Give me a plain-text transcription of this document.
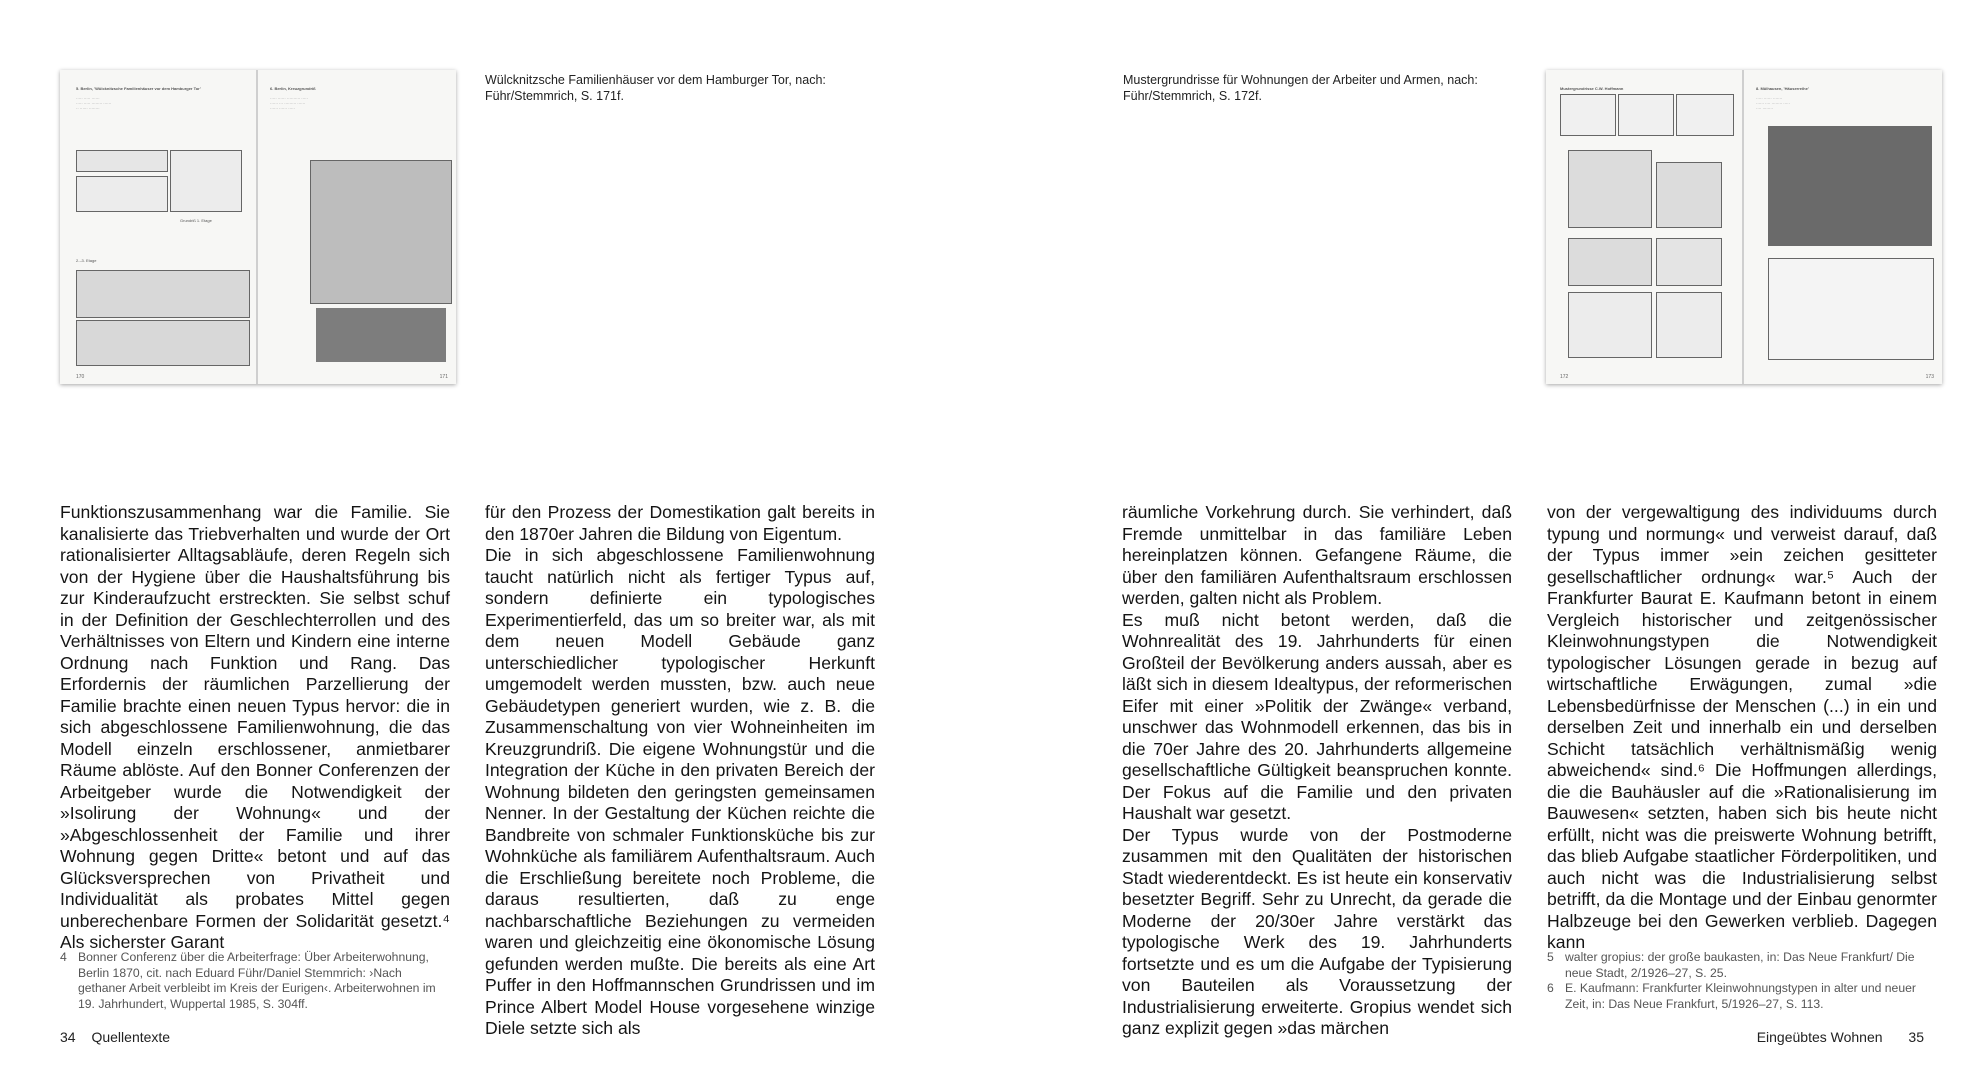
5. Berlin, ’Wülcknitzsche Familienhäuser vor dem Hamburger Tor’
····· ····· ······
····· ····· ········ ······
·· ······ ········
Grundriß 1. Etage
2.–3. Etage
170
6. Berlin, Kreuzgrundriß
····· ······ ·········· ·····
······ ··· ········· ······
······ ······ ·····
171
Wülcknitzsche Familienhäuser vor dem Hamburger Tor, nach:
Führ/Stemmrich, S. 171f.

Funktionszusammenhang war die Familie. Sie kanalisierte das Triebverhalten und wurde der Ort rationalisierter Alltagsabläufe, deren Regeln sich von der Hygiene über die Haushaltsführung bis zur Kinderaufzucht erstreckten. Sie selbst schuf in der Definition der Geschlechterrollen und des Verhältnisses von Eltern und Kindern eine interne Ordnung nach Funktion und Rang. Das Erfordernis der räumlichen Parzellierung der Familie brachte einen neuen Typus hervor: die in sich abgeschlossene Familienwohnung, die das Modell einzeln erschlossener, anmietbarer Räume ablöste. Auf den Bonner Conferenzen der Arbeitgeber wurde die Notwendigkeit der »Isolirung der Wohnung« und der »Abgeschlossenheit der Familie und ihrer Wohnung gegen Dritte« betont und auf das Glücksversprechen von Privatheit und Individualität als probates Mittel gegen unberechenbare Formen der Solidarität gesetzt.⁴ Als sicherster Garant

für den Prozess der Domestikation galt bereits in den 1870er Jahren die Bildung von Eigentum.

Die in sich abgeschlossene Familienwohnung taucht natürlich nicht als fertiger Typus auf, sondern definierte ein typologisches Experimentierfeld, das um so breiter war, als mit dem neuen Modell Gebäude ganz unterschiedlicher typologischer Herkunft umgemodelt werden mussten, bzw. auch neue Gebäudetypen generiert wurden, wie z. B. die Zusammenschaltung von vier Wohneinheiten im Kreuzgrundriß. Die eigene Wohnungstür und die Integration der Küche in den privaten Bereich der Wohnung bildeten den geringsten gemeinsamen Nenner. In der Gestaltung der Küchen reichte die Bandbreite von schmaler Funktionsküche bis zur Wohnküche als familiärem Aufenthaltsraum. Auch die Erschließung bereitete noch Probleme, die daraus resultierten, daß zu enge nachbarschaftliche Beziehungen zu vermeiden waren und gleichzeitig eine ökonomische Lösung gefunden werden mußte. Die bereits als eine Art Puffer in den Hoffmannschen Grundrissen und im Prince Albert Model House vorgesehene winzige Diele setzte sich als

4 Bonner Conferenz über die Arbeiterfrage: Über Arbeiterwohnung, Berlin 1870, cit. nach Eduard Führ/Daniel Stemmrich: ›Nach gethaner Arbeit verbleibt im Kreis der Eurigen‹. Arbeiterwohnen im 19. Jahrhundert, Wuppertal 1985, S. 304ff.
34 Quellentexte
Mustergrundrisse für Wohnungen der Arbeiter und Armen, nach:
Führ/Stemmrich, S. 172f.
Mustergrundrisse C.W. Hoffmann
172
8. Mülhausen, ’Häuserreihe’
····· ······ ·······
······ ···· ········ ·····
···· ········
173

räumliche Vorkehrung durch. Sie verhindert, daß Fremde unmittelbar in das familiäre Leben hereinplatzen können. Gefangene Räume, die über den familiären Aufenthaltsraum erschlossen werden, galten nicht als Problem.

Es muß nicht betont werden, daß die Wohnrealität des 19. Jahrhunderts für einen Großteil der Bevölkerung anders aussah, aber es läßt sich in diesem Idealtypus, der reformerischen Eifer mit einer »Politik der Zwänge« verband, unschwer das Wohnmodell erkennen, das bis in die 70er Jahre des 20. Jahrhunderts allgemeine gesellschaftliche Gültigkeit beanspruchen konnte. Der Fokus auf die Familie und den privaten Haushalt war gesetzt.

Der Typus wurde von der Postmoderne zusammen mit den Qualitäten der historischen Stadt wiederentdeckt. Es ist heute ein konservativ besetzter Begriff. Sehr zu Unrecht, da gerade die Moderne der 20/30er Jahre verstärkt das typologische Werk des 19. Jahrhunderts fortsetzte und es um die Aufgabe der Typisierung von Bauteilen als Voraussetzung der Industrialisierung erweiterte. Gropius wendet sich ganz explizit gegen »das märchen

von der vergewaltigung des individuums durch typung und normung« und verweist darauf, daß der Typus immer »ein zeichen gesitteter gesellschaftlicher ordnung« war.⁵ Auch der Frankfurter Baurat E. Kaufmann betont in einem Vergleich historischer und zeitgenössischer Kleinwohnungstypen die Notwendigkeit typologischer Lösungen gerade in bezug auf wirtschaftliche Erwägungen, zumal »die Lebensbedürfnisse der Menschen (...) in ein und derselben Zeit und innerhalb ein und derselben Schicht tatsächlich verhältnismäßig wenig abweichend« sind.⁶ Die Hoffmungen allerdings, die die Bauhäusler auf die »Rationalisierung im Bauwesen« setzten, haben sich bis heute nicht erfüllt, nicht was die preiswerte Wohnung betrifft, das blieb Aufgabe staatlicher Förderpolitiken, und auch nicht was die Industrialisierung selbst betrifft, da die Montage und der Einbau genormter Halbzeuge bei den Gewerken verblieb. Dagegen kann

5 walter gropius: der große baukasten, in: Das Neue Frankfurt/ Die neue Stadt, 2/1926–27, S. 25.
6 E. Kaufmann: Frankfurter Kleinwohnungstypen in alter und neuer Zeit, in: Das Neue Frankfurt, 5/1926–27, S. 113.
Eingeübtes Wohnen 35
